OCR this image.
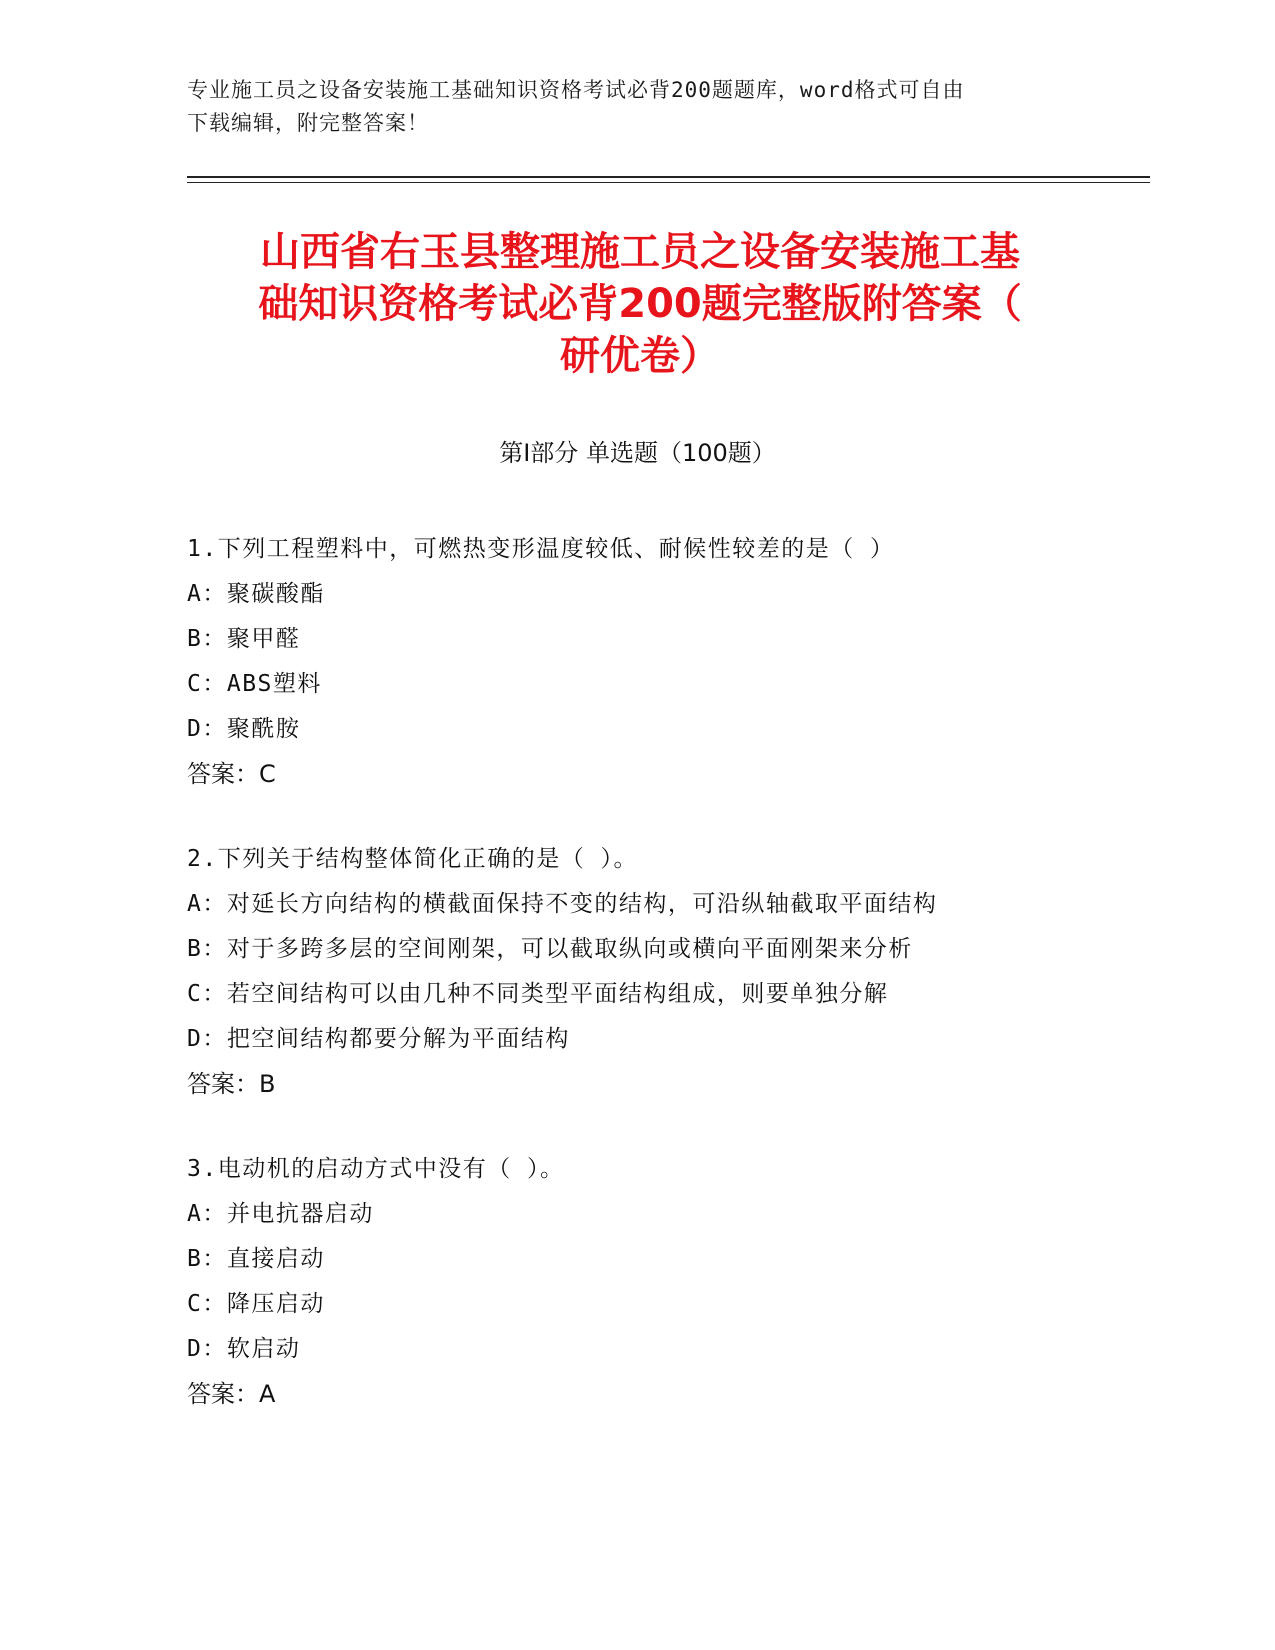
专业施工员之设备安装施工基础知识资格考试必背200题题库，word格式可自由

下载编辑，附完整答案！

山西省右玉县整理施工员之设备安装施工基
础知识资格考试必背200题完整版附答案（
研优卷）
第Ⅰ部分 单选题（100题）
1.下列工程塑料中，可燃热变形温度较低、耐候性较差的是（ ）
A：聚碳酸酯
B：聚甲醛
C：ABS塑料
D：聚酰胺
答案：C
2.下列关于结构整体简化正确的是（ ）。
A：对延长方向结构的横截面保持不变的结构，可沿纵轴截取平面结构
B：对于多跨多层的空间刚架，可以截取纵向或横向平面刚架来分析
C：若空间结构可以由几种不同类型平面结构组成，则要单独分解
D：把空间结构都要分解为平面结构
答案：B
3.电动机的启动方式中没有（ ）。
A：并电抗器启动
B：直接启动
C：降压启动
D：软启动
答案：A
